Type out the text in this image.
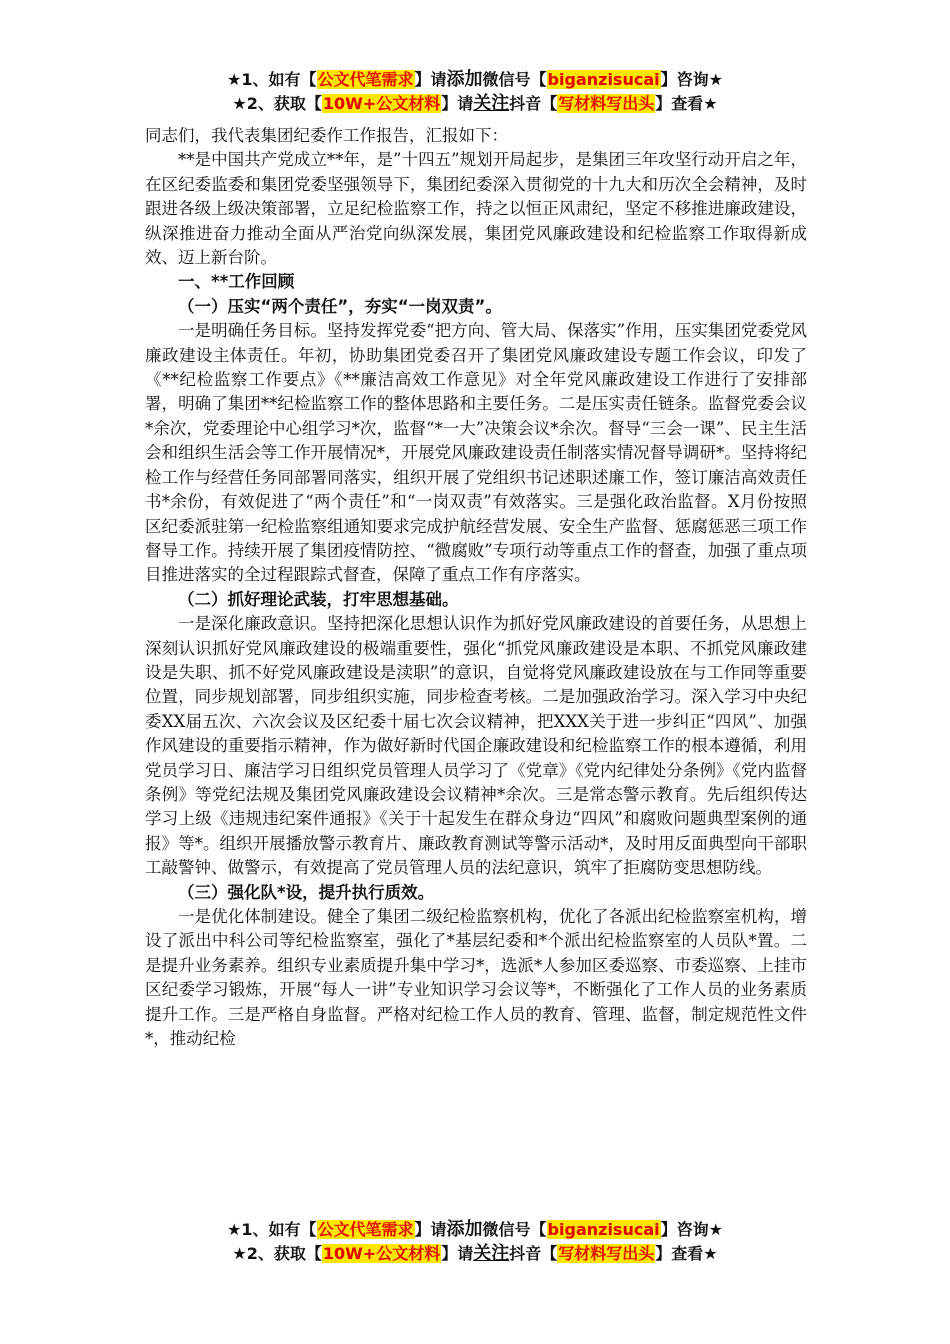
★1、如有【公文代笔需求】请添加微信号【biganzisucai】咨询★
★2、获取【10W+公文材料】请关注抖音【写材料写出头】查看★

同志们，我代表集团纪委作工作报告，汇报如下：

**是中国共产党成立**年，是”十四五”规划开局起步，是集团三年攻坚行动开启之年，在区纪委监委和集团党委坚强领导下，集团纪委深入贯彻党的十九大和历次全会精神，及时跟进各级上级决策部署，立足纪检监察工作，持之以恒正风肃纪，坚定不移推进廉政建设，纵深推进奋力推动全面从严治党向纵深发展，集团党风廉政建设和纪检监察工作取得新成效、迈上新台阶。

一、**工作回顾

（一）压实“两个责任”，夯实“一岗双责”。

一是明确任务目标。坚持发挥党委“把方向、管大局、保落实”作用，压实集团党委党风廉政建设主体责任。年初，协助集团党委召开了集团党风廉政建设专题工作会议，印发了《**纪检监察工作要点》《**廉洁高效工作意见》对全年党风廉政建设工作进行了安排部署，明确了集团**纪检监察工作的整体思路和主要任务。二是压实责任链条。监督党委会议*余次，党委理论中心组学习*次，监督“*一大”决策会议*余次。督导“三会一课”、民主生活会和组织生活会等工作开展情况*，开展党风廉政建设责任制落实情况督导调研*。坚持将纪检工作与经营任务同部署同落实，组织开展了党组织书记述职述廉工作，签订廉洁高效责任书*余份，有效促进了“两个责任”和“一岗双责”有效落实。三是强化政治监督。X月份按照区纪委派驻第一纪检监察组通知要求完成护航经营发展、安全生产监督、惩腐惩恶三项工作督导工作。持续开展了集团疫情防控、“微腐败”专项行动等重点工作的督查，加强了重点项目推进落实的全过程跟踪式督查，保障了重点工作有序落实。

（二）抓好理论武装，打牢思想基础。

一是深化廉政意识。坚持把深化思想认识作为抓好党风廉政建设的首要任务，从思想上深刻认识抓好党风廉政建设的极端重要性，强化“抓党风廉政建设是本职、不抓党风廉政建设是失职、抓不好党风廉政建设是渎职”的意识，自觉将党风廉政建设放在与工作同等重要位置，同步规划部署，同步组织实施，同步检查考核。二是加强政治学习。深入学习中央纪委XX届五次、六次会议及区纪委十届七次会议精神，把XXX关于进一步纠正“四风”、加强作风建设的重要指示精神，作为做好新时代国企廉政建设和纪检监察工作的根本遵循，利用党员学习日、廉洁学习日组织党员管理人员学习了《党章》《党内纪律处分条例》《党内监督条例》等党纪法规及集团党风廉政建设会议精神*余次。三是常态警示教育。先后组织传达学习上级《违规违纪案件通报》《关于十起发生在群众身边“四风”和腐败问题典型案例的通报》等*。组织开展播放警示教育片、廉政教育测试等警示活动*，及时用反面典型向干部职工敲警钟、做警示，有效提高了党员管理人员的法纪意识，筑牢了拒腐防变思想防线。

（三）强化队*设，提升执行质效。

一是优化体制建设。健全了集团二级纪检监察机构，优化了各派出纪检监察室机构，增设了派出中科公司等纪检监察室，强化了*基层纪委和*个派出纪检监察室的人员队*置。二是提升业务素养。组织专业素质提升集中学习*，选派*人参加区委巡察、市委巡察、上挂市区纪委学习锻炼，开展“每人一讲”专业知识学习会议等*，不断强化了工作人员的业务素质提升工作。三是严格自身监督。严格对纪检工作人员的教育、管理、监督，制定规范性文件*，推动纪检

★1、如有【公文代笔需求】请添加微信号【biganzisucai】咨询★
★2、获取【10W+公文材料】请关注抖音【写材料写出头】查看★
